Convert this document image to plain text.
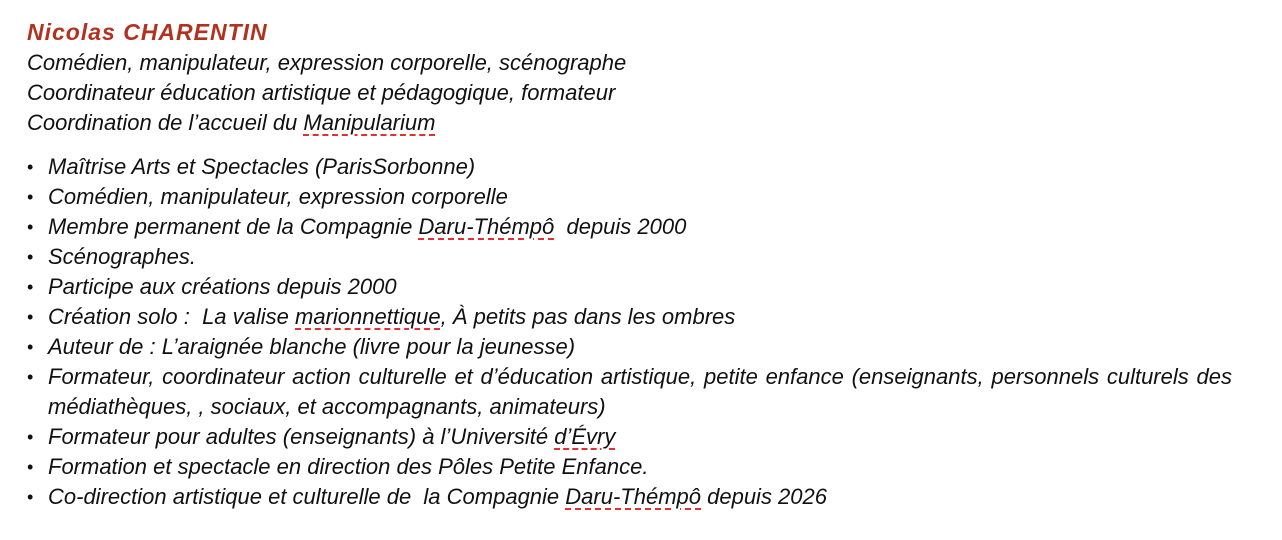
Nicolas CHARENTIN

Comédien, manipulateur, expression corporelle, scénographe

Coordinateur éducation artistique et pédagogique, formateur

Coordination de l’accueil du Manipularium

• Maîtrise Arts et Spectacles (ParisSorbonne)
• Comédien, manipulateur, expression corporelle
• Membre permanent de la Compagnie Daru-Thémpô  depuis 2000
• Scénographes.
• Participe aux créations depuis 2000
• Création solo :  La valise marionnettique, À petits pas dans les ombres
• Auteur de : L’araignée blanche (livre pour la jeunesse)
• Formateur, coordinateur action culturelle et d’éducation artistique, petite enfance (enseignants, personnels culturels des médiathèques, , sociaux, et accompagnants, animateurs)
• Formateur pour adultes (enseignants) à l’Université d’Évry
• Formation et spectacle en direction des Pôles Petite Enfance.
• Co-direction artistique et culturelle de  la Compagnie Daru-Thémpô depuis 2026
